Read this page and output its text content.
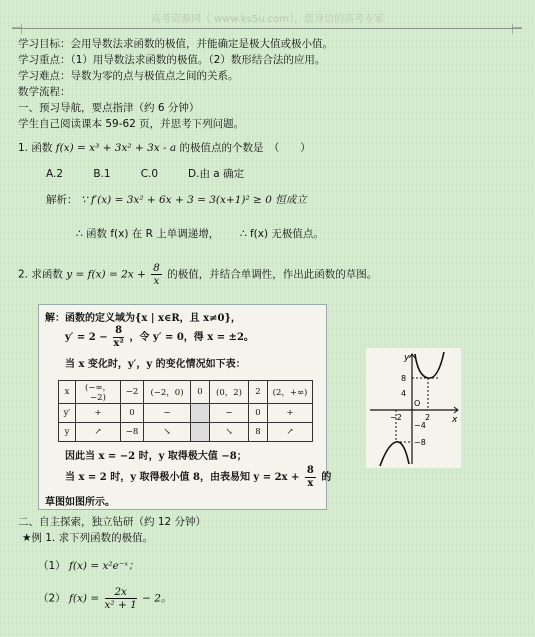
高考资源网（ www.ks5u.com），您身边的高考专家
学习目标：会用导数法求函数的极值，并能确定是极大值或极小值。
学习重点：（1）用导数法求函数的极值。（2）数形结合法的应用。
学习难点：导数为零的点与极值点之间的关系。
数学流程：
一、预习导航，要点指津（约 6 分钟）
学生自己阅读课本 59-62 页，并思考下列问题。
1. 函数 f(x) = x³ + 3x² + 3x - a 的极值点的个数是　（　　）
A.2	B.1	C.0	D.由 a 确定
解析： ∵ f′(x) = 3x² + 6x + 3 = 3(x+1)² ≥ 0 恒成立
∴ 函数 f(x) 在 R 上单调递增， ∴ f(x) 无极值点。
2. 求函数 $y = f(x) = 2x + \frac{8}{x}$ 的极值，并结合单调性，作出此函数的草图。
解：函数的定义域为{x | x∈R，且 x≠0}，
$y' = 2 - \frac{8}{\text{x²}}$ ，令 y′ = 0，得 x = ±2。
当 x 变化时，y′，y 的变化情况如下表：
x	(−∞，−2)	−2	(−2，0)	0	(0，2)	2	(2，+∞)
y′	+	0	−		−	0	+
y	↗	−8	↘		↘	8	↗
因此当 x = −2 时，y 取得极大值 −8；
当 x = 2 时，y 取得极小值 8，由表易知 $y = 2x + \frac{8}{x}$ 的
草图如图所示。
y
x
8
4
O
2
−2
−4
−8
二、自主探索，独立钻研（约 12 分钟）
★例 1. 求下列函数的极值。
（1） f(x) = x²e⁻ˣ；
（2） $f(x) = \frac{2x}{\text{x² + 1}} - 2$。
